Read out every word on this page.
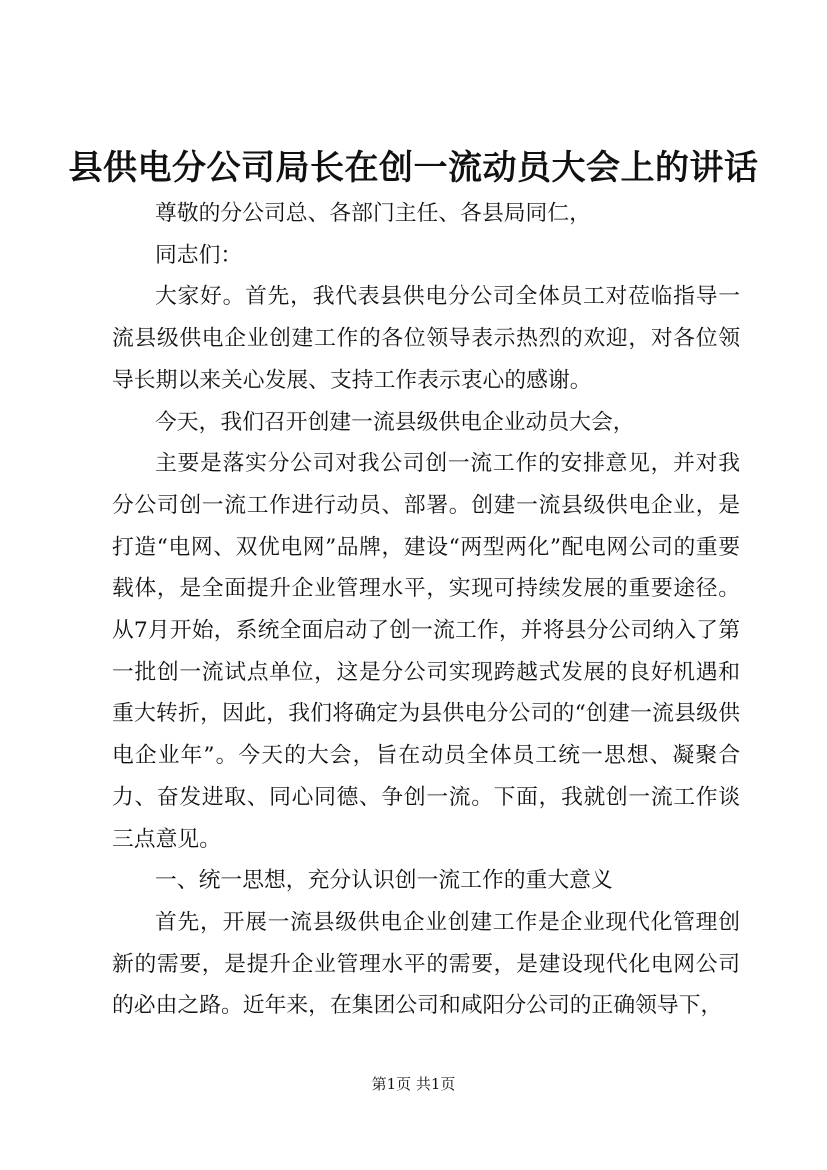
县供电分公司局长在创一流动员大会上的讲话

尊敬的分公司总、各部门主任、各县局同仁，

同志们：

大家好。首先，我代表县供电分公司全体员工对莅临指导一流县级供电企业创建工作的各位领导表示热烈的欢迎，对各位领导长期以来关心发展、支持工作表示衷心的感谢。

今天，我们召开创建一流县级供电企业动员大会，

主要是落实分公司对我公司创一流工作的安排意见，并对我分公司创一流工作进行动员、部署。创建一流县级供电企业，是打造“电网、双优电网”品牌，建设“两型两化”配电网公司的重要载体，是全面提升企业管理水平，实现可持续发展的重要途径。从7月开始，系统全面启动了创一流工作，并将县分公司纳入了第一批创一流试点单位，这是分公司实现跨越式发展的良好机遇和重大转折，因此，我们将确定为县供电分公司的“创建一流县级供电企业年”。今天的大会，旨在动员全体员工统一思想、凝聚合力、奋发进取、同心同德、争创一流。下面，我就创一流工作谈三点意见。

一、统一思想，充分认识创一流工作的重大意义

首先，开展一流县级供电企业创建工作是企业现代化管理创新的需要，是提升企业管理水平的需要，是建设现代化电网公司的必由之路。近年来，在集团公司和咸阳分公司的正确领导下，

第1页 共1页
